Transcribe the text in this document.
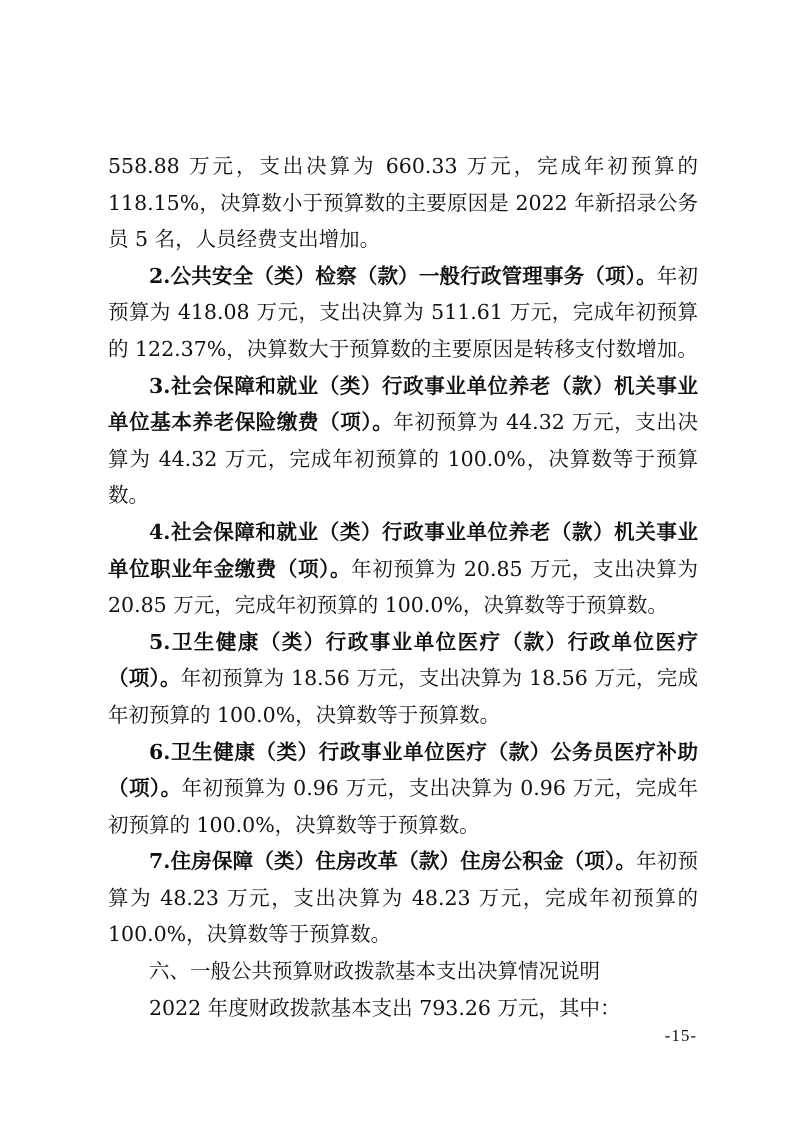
558.88 万元，支出决算为 660.33 万元，完成年初预算的 118.15%，决算数小于预算数的主要原因是 2022 年新招录公务员 5 名，人员经费支出增加。

2.公共安全（类）检察（款）一般行政管理事务（项）。年初预算为 418.08 万元，支出决算为 511.61 万元，完成年初预算的 122.37%，决算数大于预算数的主要原因是转移支付数增加。

3.社会保障和就业（类）行政事业单位养老（款）机关事业单位基本养老保险缴费（项）。年初预算为 44.32 万元，支出决算为 44.32 万元，完成年初预算的 100.0%，决算数等于预算数。

4.社会保障和就业（类）行政事业单位养老（款）机关事业单位职业年金缴费（项）。年初预算为 20.85 万元，支出决算为 20.85 万元，完成年初预算的 100.0%，决算数等于预算数。

5.卫生健康（类）行政事业单位医疗（款）行政单位医疗（项）。年初预算为 18.56 万元，支出决算为 18.56 万元，完成年初预算的 100.0%，决算数等于预算数。

6.卫生健康（类）行政事业单位医疗（款）公务员医疗补助（项）。年初预算为 0.96 万元，支出决算为 0.96 万元，完成年初预算的 100.0%，决算数等于预算数。

7.住房保障（类）住房改革（款）住房公积金（项）。年初预算为 48.23 万元，支出决算为 48.23 万元，完成年初预算的 100.0%，决算数等于预算数。

六、一般公共预算财政拨款基本支出决算情况说明

2022 年度财政拨款基本支出 793.26 万元，其中：

-15-
